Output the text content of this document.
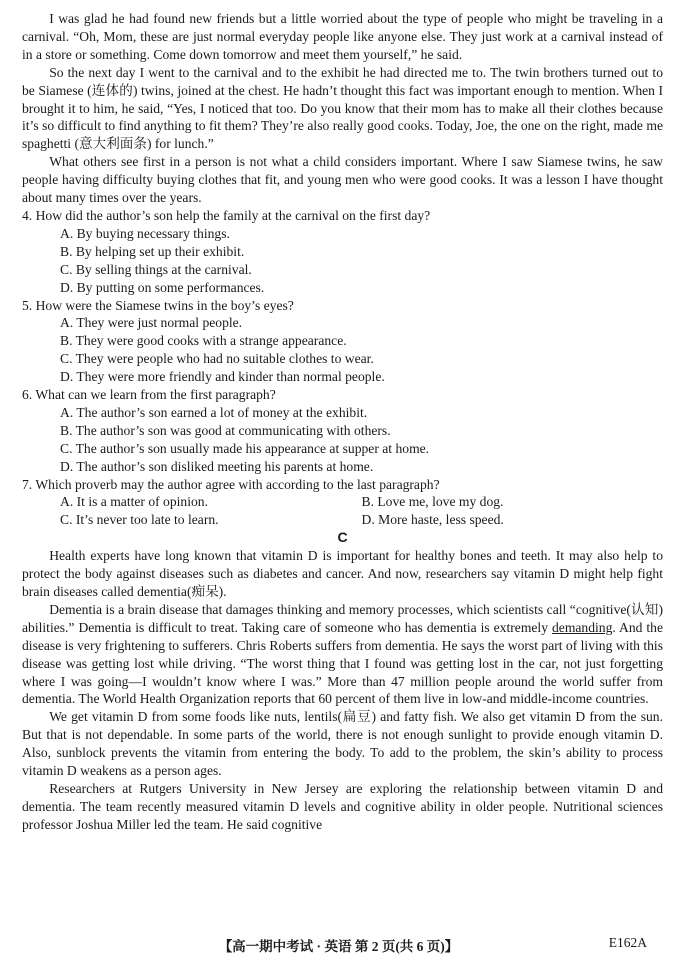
I was glad he had found new friends but a little worried about the type of people who might be traveling in a carnival. “Oh, Mom, these are just normal everyday people like anyone else. They just work at a carnival instead of in a store or something. Come down tomorrow and meet them yourself,” he said.

So the next day I went to the carnival and to the exhibit he had directed me to. The twin brothers turned out to be Siamese (连体的) twins, joined at the chest. He hadn’t thought this fact was important enough to mention. When I brought it to him, he said, “Yes, I noticed that too. Do you know that their mom has to make all their clothes because it’s so difficult to find anything to fit them? They’re also really good cooks. Today, Joe, the one on the right, made me spaghetti (意大利面条) for lunch.”

What others see first in a person is not what a child considers important. Where I saw Siamese twins, he saw people having difficulty buying clothes that fit, and young men who were good cooks. It was a lesson I have thought about many times over the years.

4. How did the author’s son help the family at the carnival on the first day?

A. By buying necessary things.

B. By helping set up their exhibit.

C. By selling things at the carnival.

D. By putting on some performances.

5. How were the Siamese twins in the boy’s eyes?

A. They were just normal people.

B. They were good cooks with a strange appearance.

C. They were people who had no suitable clothes to wear.

D. They were more friendly and kinder than normal people.

6. What can we learn from the first paragraph?

A. The author’s son earned a lot of money at the exhibit.

B. The author’s son was good at communicating with others.

C. The author’s son usually made his appearance at supper at home.

D. The author’s son disliked meeting his parents at home.

7. Which proverb may the author agree with according to the last paragraph?

A. It is a matter of opinion.	B. Love me, love my dog.
C. It’s never too late to learn.	D. More haste, less speed.

C

Health experts have long known that vitamin D is important for healthy bones and teeth. It may also help to protect the body against diseases such as diabetes and cancer. And now, researchers say vitamin D might help fight brain diseases called dementia(痴呆).

Dementia is a brain disease that damages thinking and memory processes, which scientists call “cognitive(认知) abilities.” Dementia is difficult to treat. Taking care of someone who has dementia is extremely demanding. And the disease is very frightening to sufferers. Chris Roberts suffers from dementia. He says the worst part of living with this disease was getting lost while driving. “The worst thing that I found was getting lost in the car, not just forgetting where I was going—I wouldn’t know where I was.” More than 47 million people around the world suffer from dementia. The World Health Organization reports that 60 percent of them live in low-and middle-income countries.

We get vitamin D from some foods like nuts, lentils(扁豆) and fatty fish. We also get vitamin D from the sun. But that is not dependable. In some parts of the world, there is not enough sunlight to provide enough vitamin D. Also, sunblock prevents the vitamin from entering the body. To add to the problem, the skin’s ability to process vitamin D weakens as a person ages.

Researchers at Rutgers University in New Jersey are exploring the relationship between vitamin D and dementia. The team recently measured vitamin D levels and cognitive ability in older people. Nutritional sciences professor Joshua Miller led the team. He said cognitive

【高一期中考试 · 英语 第 2 页(共 6 页)】	E162A
